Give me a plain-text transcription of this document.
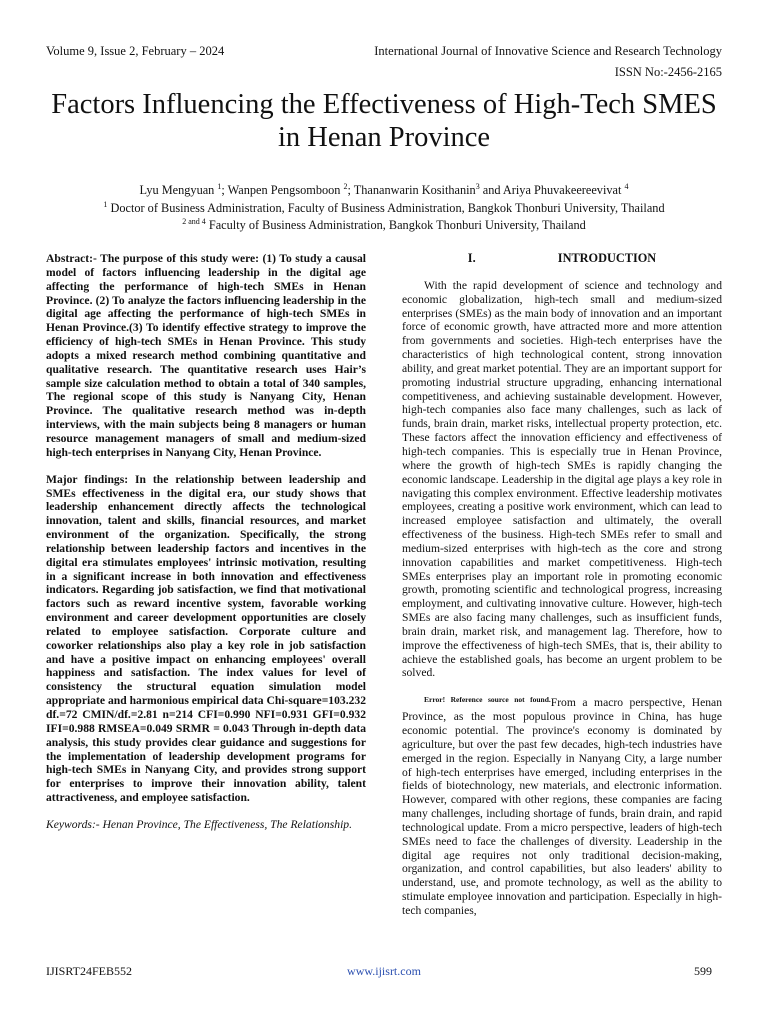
Volume 9, Issue 2, February – 2024	International Journal of Innovative Science and Research Technology
ISSN No:-2456-2165
Factors Influencing the Effectiveness of High-Tech SMES in Henan Province
Lyu Mengyuan $^1$; Wanpen Pengsomboon $^2$; Thananwarin Kosithanin$^3$ and Ariya Phuvakeereevivat $^4$
$^1$ Doctor of Business Administration, Faculty of Business Administration, Bangkok Thonburi University, Thailand
$^{2 and 4}$ Faculty of Business Administration, Bangkok Thonburi University, Thailand

Abstract:- The purpose of this study were: (1) To study a causal model of factors influencing leadership in the digital age affecting the performance of high-tech SMEs in Henan Province. (2) To analyze the factors influencing leadership in the digital age affecting the performance of high-tech SMEs in Henan Province.(3) To identify effective strategy to improve the efficiency of high-tech SMEs in Henan Province. This study adopts a mixed research method combining quantitative and qualitative research. The quantitative research uses Hair’s sample size calculation method to obtain a total of 340 samples, The regional scope of this study is Nanyang City, Henan Province. The qualitative research method was in-depth interviews, with the main subjects being 8 managers or human resource management managers of small and medium-sized high-tech enterprises in Nanyang City, Henan Province.

Major findings: In the relationship between leadership and SMEs effectiveness in the digital era, our study shows that leadership enhancement directly affects the technological innovation, talent and skills, financial resources, and market environment of the organization. Specifically, the strong relationship between leadership factors and incentives in the digital era stimulates employees' intrinsic motivation, resulting in a significant increase in both innovation and effectiveness indicators. Regarding job satisfaction, we find that motivational factors such as reward incentive system, favorable working environment and career development opportunities are closely related to employee satisfaction. Corporate culture and coworker relationships also play a key role in job satisfaction and have a positive impact on enhancing employees' overall happiness and satisfaction. The index values for level of consistency the structural equation simulation model appropriate and harmonious empirical data Chi-square=103.232 df.=72 CMIN/df.=2.81 n=214 CFI=0.990 NFI=0.931 GFI=0.932 IFI=0.988 RMSEA=0.049 SRMR = 0.043 Through in-depth data analysis, this study provides clear guidance and suggestions for the implementation of leadership development programs for high-tech SMEs in Nanyang City, and provides strong support for enterprises to improve their innovation ability, talent attractiveness, and employee satisfaction.

Keywords:- Henan Province, The Effectiveness, The Relationship.

I.	INTRODUCTION

With the rapid development of science and technology and economic globalization, high-tech small and medium-sized enterprises (SMEs) as the main body of innovation and an important force of economic growth, have attracted more and more attention from governments and societies. High-tech enterprises have the characteristics of high technological content, strong innovation ability, and great market potential. They are an important support for promoting industrial structure upgrading, enhancing international competitiveness, and achieving sustainable development. However, high-tech companies also face many challenges, such as lack of funds, brain drain, market risks, intellectual property protection, etc. These factors affect the innovation efficiency and effectiveness of high-tech companies. This is especially true in Henan Province, where the growth of high-tech SMEs is rapidly changing the economic landscape. Leadership in the digital age plays a key role in navigating this complex environment. Effective leadership motivates employees, creating a positive work environment, which can lead to increased employee satisfaction and ultimately, the overall effectiveness of the business. High-tech SMEs refer to small and medium-sized enterprises with high-tech as the core and strong innovation capabilities and market competitiveness. High-tech SMEs enterprises play an important role in promoting economic growth, promoting scientific and technological progress, increasing employment, and cultivating innovative culture. However, high-tech SMEs are also facing many challenges, such as insufficient funds, brain drain, market risk, and management lag. Therefore, how to improve the effectiveness of high-tech SMEs, that is, their ability to achieve the established goals, has become an urgent problem to be solved.

$^{Error! Reference source not found.}$From a macro perspective, Henan Province, as the most populous province in China, has huge economic potential. The province's economy is dominated by agriculture, but over the past few decades, high-tech industries have emerged in the region. Especially in Nanyang City, a large number of high-tech enterprises have emerged, including enterprises in the fields of biotechnology, new materials, and electronic information. However, compared with other regions, these companies are facing many challenges, including shortage of funds, brain drain, and rapid technological update. From a micro perspective, leaders of high-tech SMEs need to face the challenges of diversity. Leadership in the digital age requires not only traditional decision-making, organization, and control capabilities, but also leaders' ability to understand, use, and promote technology, as well as the ability to stimulate employee innovation and participation. Especially in high-tech companies,

IJISRT24FEB552	www.ijisrt.com	599
